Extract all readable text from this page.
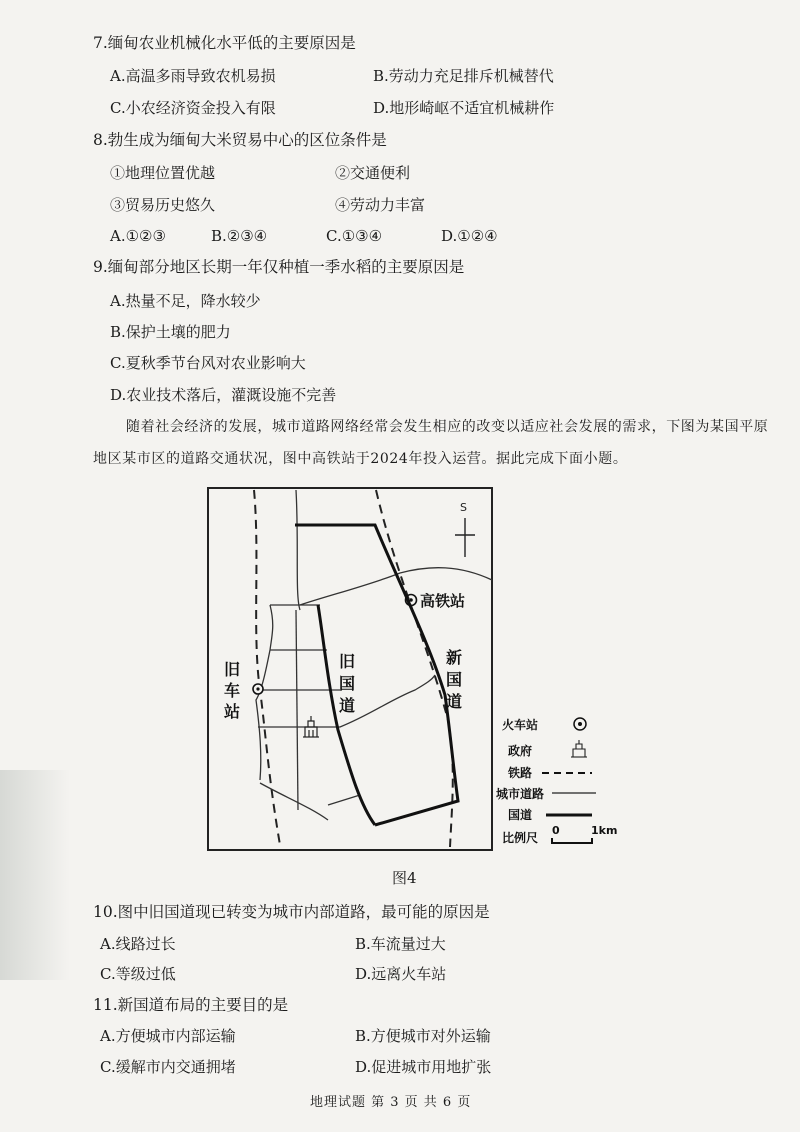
7.缅甸农业机械化水平低的主要原因是
A.高温多雨导致农机易损	B.劳动力充足排斥机械替代
C.小农经济资金投入有限	D.地形崎岖不适宜机械耕作
8.勃生成为缅甸大米贸易中心的区位条件是
①地理位置优越	②交通便利
③贸易历史悠久	④劳动力丰富
A.①②③	B.②③④	C.①③④	D.①②④
9.缅甸部分地区长期一年仅种植一季水稻的主要原因是
A.热量不足，降水较少
B.保护土壤的肥力
C.夏秋季节台风对农业影响大
D.农业技术落后，灌溉设施不完善
随着社会经济的发展，城市道路网络经常会发生相应的改变以适应社会发展的需求，下图为某国平原
地区某市区的道路交通状况，图中高铁站于2024年投入运营。据此完成下面小题。
S
高铁站
旧
车
站
旧
国
道
新
国
道
火车站
政府
铁路
城市道路
国道
比例尺
0	1km
图4
10.图中旧国道现已转变为城市内部道路，最可能的原因是
A.线路过长	B.车流量过大
C.等级过低	D.远离火车站
11.新国道布局的主要目的是
A.方便城市内部运输	B.方便城市对外运输
C.缓解市内交通拥堵	D.促进城市用地扩张
地理试题 第 3 页 共 6 页
